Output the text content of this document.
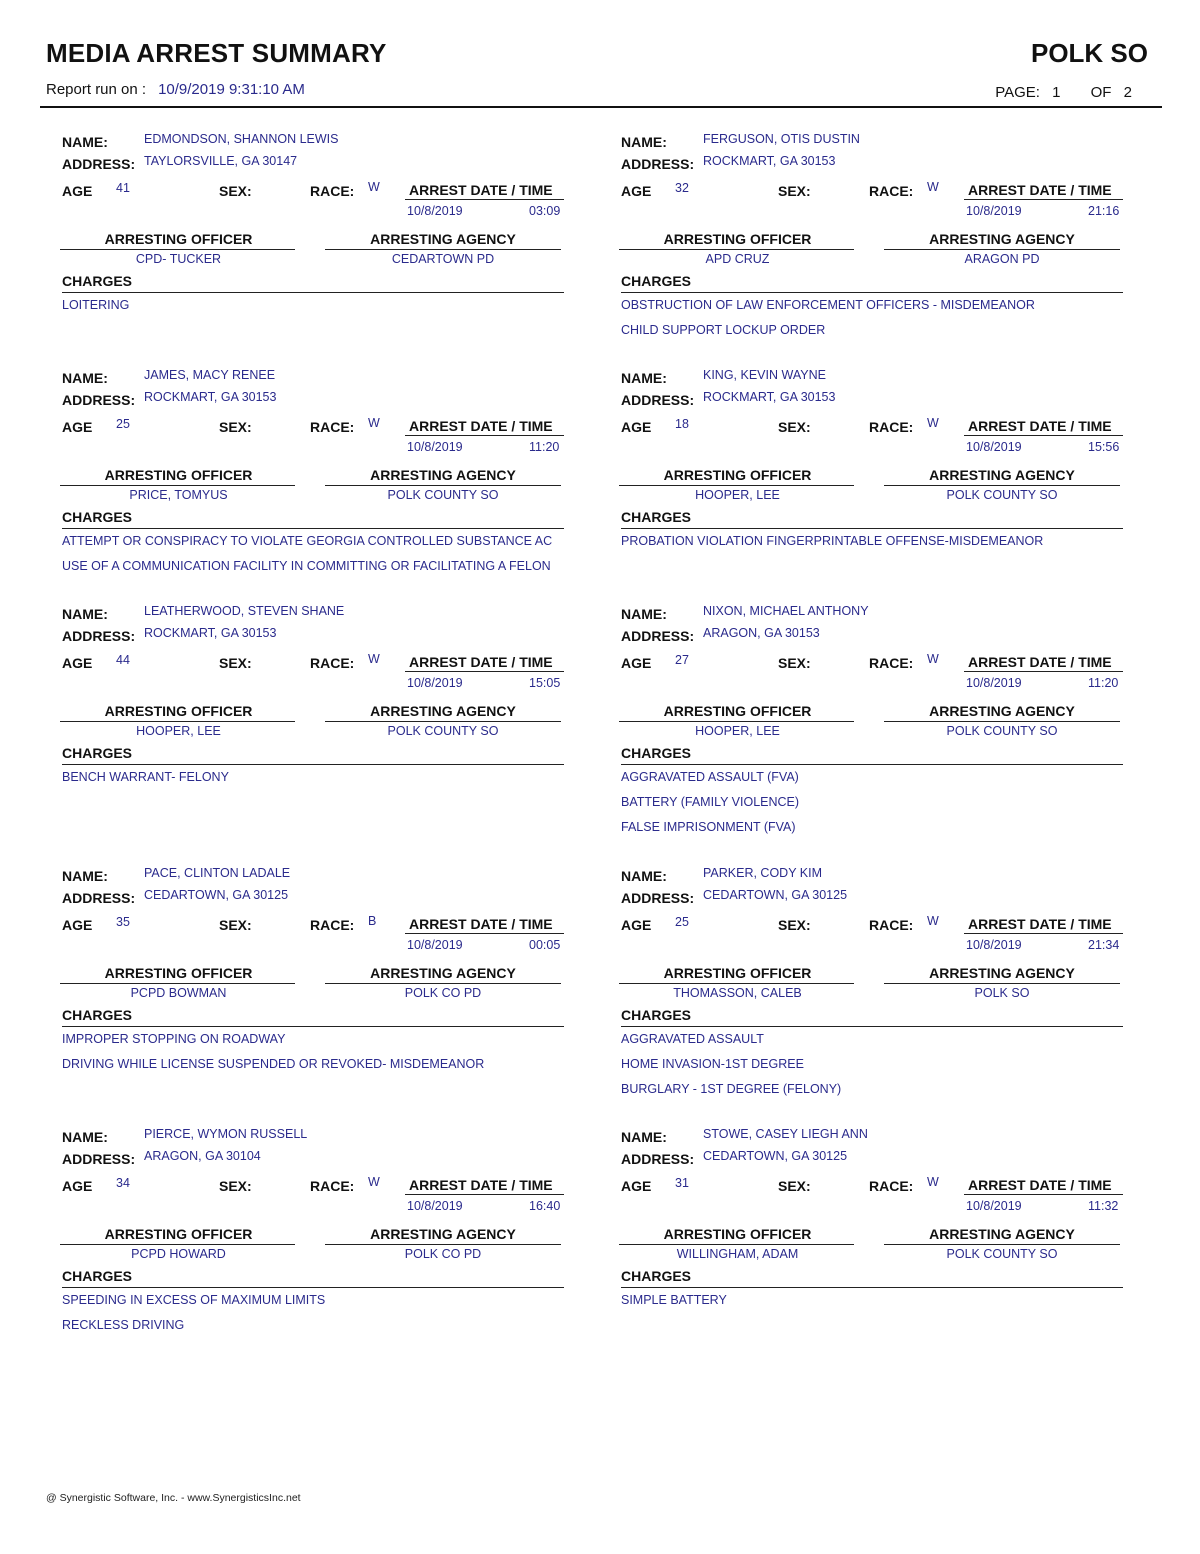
MEDIA ARREST SUMMARY	POLK SO
Report run on : 10/9/2019 9:31:10 AM	PAGE: 1 OF 2
NAME:	EDMONDSON, SHANNON LEWIS
ADDRESS: TAYLORSVILLE, GA 30147
AGE 41	SEX:	RACE: W ARREST DATE / TIME
10/8/2019	03:09
ARRESTING OFFICER
CPD- TUCKER
ARRESTING AGENCY
CEDARTOWN PD
CHARGES
LOITERING
NAME:	FERGUSON, OTIS DUSTIN
ADDRESS: ROCKMART, GA 30153
AGE 32	SEX:	RACE: W ARREST DATE / TIME
10/8/2019	21:16
ARRESTING OFFICER
APD CRUZ
ARRESTING AGENCY
ARAGON PD
CHARGES
OBSTRUCTION OF LAW ENFORCEMENT OFFICERS - MISDEMEANOR
CHILD SUPPORT LOCKUP ORDER
NAME:	JAMES, MACY RENEE
ADDRESS: ROCKMART, GA 30153
AGE 25	SEX:	RACE: W ARREST DATE / TIME
10/8/2019	11:20
ARRESTING OFFICER
PRICE, TOMYUS
ARRESTING AGENCY
POLK COUNTY SO
CHARGES
ATTEMPT OR CONSPIRACY TO VIOLATE GEORGIA CONTROLLED SUBSTANCE AC
USE OF A COMMUNICATION FACILITY IN COMMITTING OR FACILITATING A FELON
NAME:	KING, KEVIN WAYNE
ADDRESS: ROCKMART, GA 30153
AGE 18	SEX:	RACE: W ARREST DATE / TIME
10/8/2019	15:56
ARRESTING OFFICER
HOOPER, LEE
ARRESTING AGENCY
POLK COUNTY SO
CHARGES
PROBATION VIOLATION FINGERPRINTABLE OFFENSE-MISDEMEANOR
NAME:	LEATHERWOOD, STEVEN SHANE
ADDRESS: ROCKMART, GA 30153
AGE 44	SEX:	RACE: W ARREST DATE / TIME
10/8/2019	15:05
ARRESTING OFFICER
HOOPER, LEE
ARRESTING AGENCY
POLK COUNTY SO
CHARGES
BENCH WARRANT- FELONY
NAME:	NIXON, MICHAEL ANTHONY
ADDRESS: ARAGON, GA 30153
AGE 27	SEX:	RACE: W ARREST DATE / TIME
10/8/2019	11:20
ARRESTING OFFICER
HOOPER, LEE
ARRESTING AGENCY
POLK COUNTY SO
CHARGES
AGGRAVATED ASSAULT (FVA)
BATTERY (FAMILY VIOLENCE)
FALSE IMPRISONMENT (FVA)
NAME:	PACE, CLINTON LADALE
ADDRESS: CEDARTOWN, GA 30125
AGE 35	SEX:	RACE: B ARREST DATE / TIME
10/8/2019	00:05
ARRESTING OFFICER
PCPD BOWMAN
ARRESTING AGENCY
POLK CO PD
CHARGES
IMPROPER STOPPING ON ROADWAY
DRIVING WHILE LICENSE SUSPENDED OR REVOKED- MISDEMEANOR
NAME:	PARKER, CODY KIM
ADDRESS: CEDARTOWN, GA 30125
AGE 25	SEX:	RACE: W ARREST DATE / TIME
10/8/2019	21:34
ARRESTING OFFICER
THOMASSON, CALEB
ARRESTING AGENCY
POLK SO
CHARGES
AGGRAVATED ASSAULT
HOME INVASION-1ST DEGREE
BURGLARY - 1ST DEGREE (FELONY)
NAME:	PIERCE, WYMON RUSSELL
ADDRESS: ARAGON, GA 30104
AGE 34	SEX:	RACE: W ARREST DATE / TIME
10/8/2019	16:40
ARRESTING OFFICER
PCPD HOWARD
ARRESTING AGENCY
POLK CO PD
CHARGES
SPEEDING IN EXCESS OF MAXIMUM LIMITS
RECKLESS DRIVING
NAME:	STOWE, CASEY LIEGH ANN
ADDRESS: CEDARTOWN, GA 30125
AGE 31	SEX:	RACE: W ARREST DATE / TIME
10/8/2019	11:32
ARRESTING OFFICER
WILLINGHAM, ADAM
ARRESTING AGENCY
POLK COUNTY SO
CHARGES
SIMPLE BATTERY
@ Synergistic Software, Inc. - www.SynergisticsInc.net
